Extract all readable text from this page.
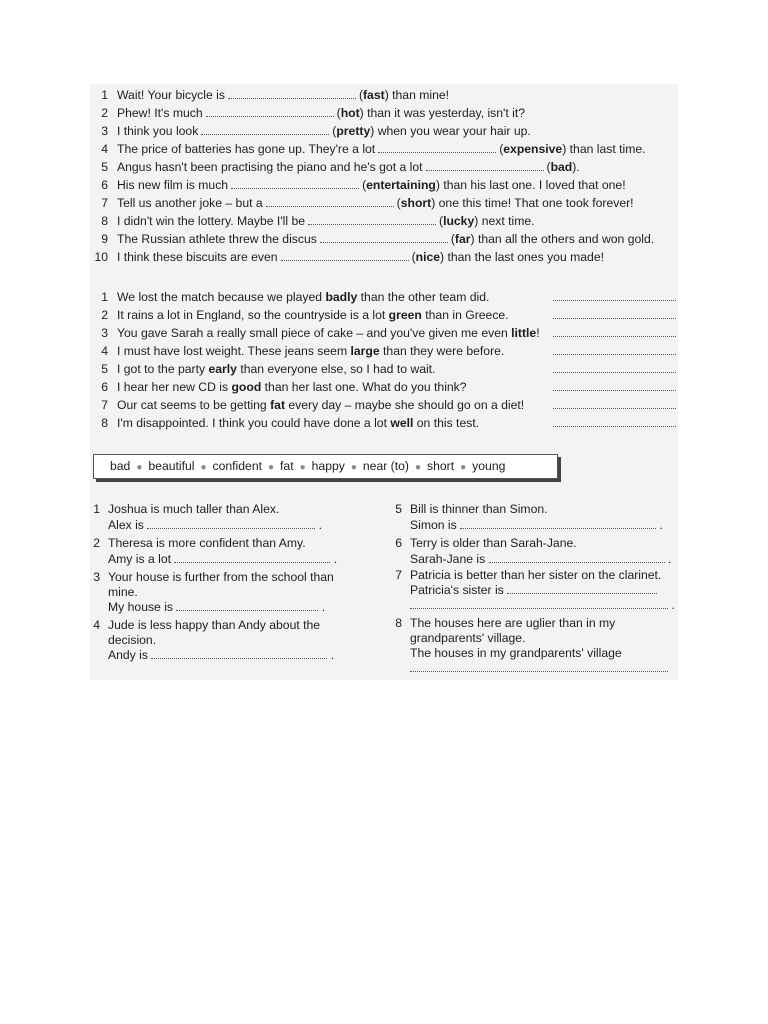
1 Wait! Your bicycle is	(fast) than mine!
2 Phew! It's much	(hot) than it was yesterday, isn't it?
3 I think you look	(pretty) when you wear your hair up.
4 The price of batteries has gone up. They're a lot	(expensive) than last time.
5 Angus hasn't been practising the piano and he's got a lot	(bad).
6 His new film is much	(entertaining) than his last one. I loved that one!
7 Tell us another joke – but a	(short) one this time! That one took forever!
8 I didn't win the lottery. Maybe I'll be	(lucky) next time.
9 The Russian athlete threw the discus	(far) than all the others and won gold.
10 I think these biscuits are even	(nice) than the last ones you made!
1 We lost the match because we played badly than the other team did.
2 It rains a lot in England, so the countryside is a lot green than in Greece.
3 You gave Sarah a really small piece of cake – and you've given me even little!
4 I must have lost weight. These jeans seem large than they were before.
5 I got to the party early than everyone else, so I had to wait.
6 I hear her new CD is good than her last one. What do you think?
7 Our cat seems to be getting fat every day – maybe she should go on a diet!
8 I'm disappointed. I think you could have done a lot well on this test.
bad ● beautiful ● confident ● fat ● happy ● near (to) ● short ● young
1 Joshua is much taller than Alex.
Alex is	.
2 Theresa is more confident than Amy.
Amy is a lot	.
3 Your house is further from the school than
mine.
My house is	.
4 Jude is less happy than Andy about the
decision.
Andy is	.
5 Bill is thinner than Simon.
Simon is	.
6 Terry is older than Sarah-Jane.
Sarah-Jane is	.
7 Patricia is better than her sister on the clarinet.
Patricia's sister is
.
8 The houses here are uglier than in my
grandparents' village.
The houses in my grandparents' village
